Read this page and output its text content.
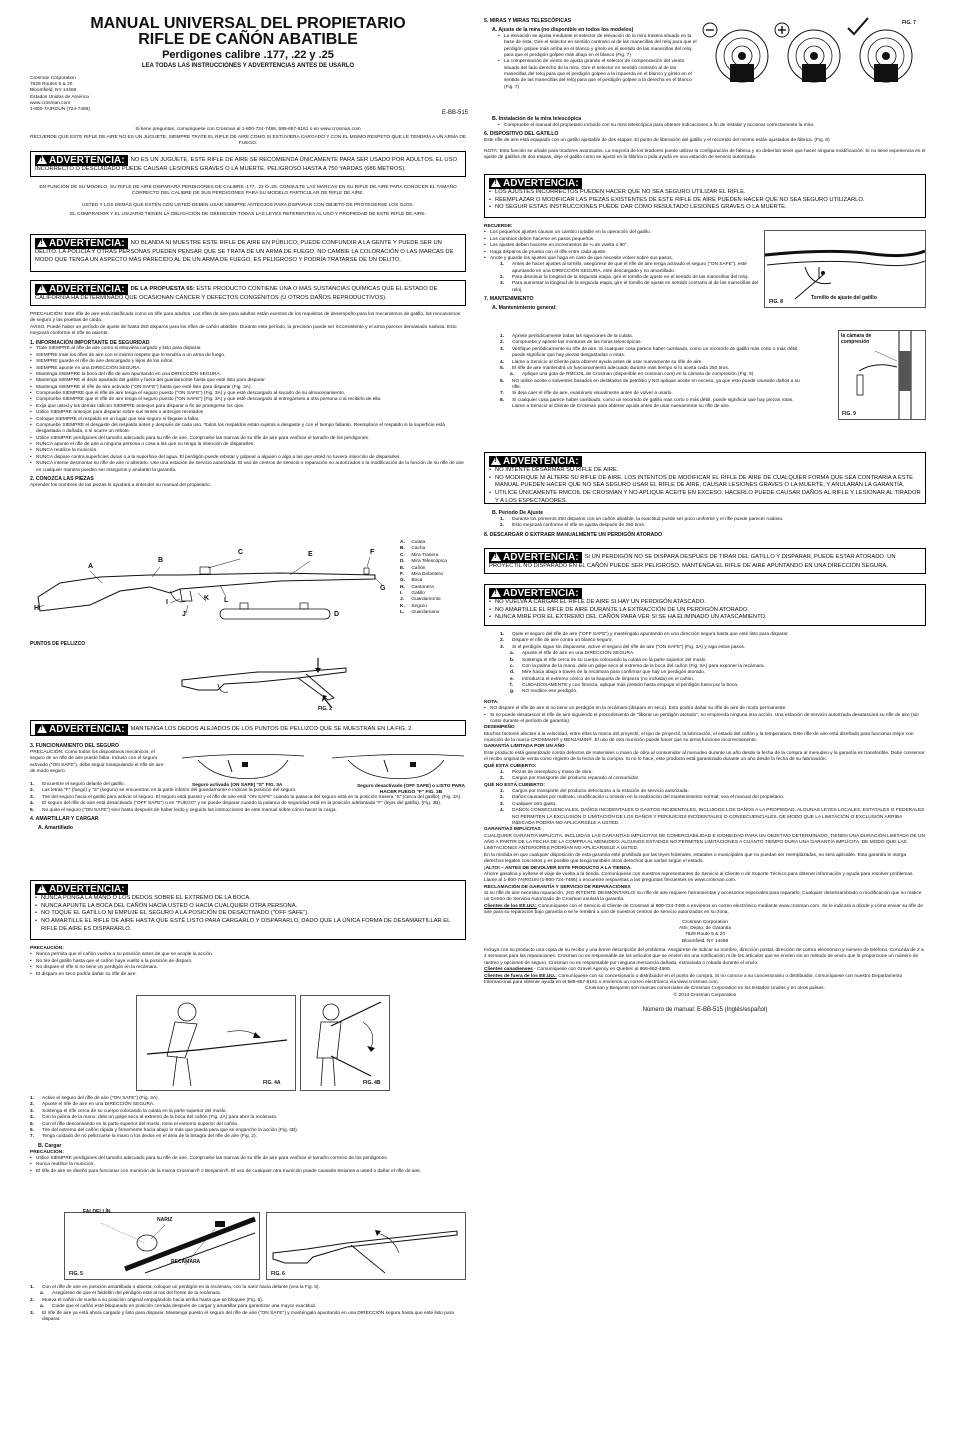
MANUAL UNIVERSAL DEL PROPIETARIO
RIFLE DE CAÑÓN ABATIBLE
Perdigones calibre .177, .22 y .25
LEA TODAS LAS INSTRUCCIONES Y ADVERTENCIAS ANTES DE USARLO
Crosman Corporation
7629 Routes 5 & 20
Bloomfield, NY 14469
Estados Unidos de América
www.crosman.com
1-800-7AIRGUN (724-7486)
E-BB-515
Si tiene preguntas, comuníquese con Crosman al 1-800-724-7486, 585-657-6161 o en www.crosman.com
RECUERDE QUE ESTE RIFLE DE AIRE NO ES UN JUGUETE. SIEMPRE TRATE EL RIFLE DE AIRE COMO SI ESTUVIERA CARGADO Y CON EL MISMO RESPETO QUE LE TENDRÍA A UN ARMA DE FUEGO.
!ADVERTENCIA: NO ES UN JUGUETE. ESTE RIFLE DE AIRE SE RECOMIENDA ÚNICAMENTE PARA SER USADO POR ADULTOS. EL USO INCORRECTO O DESCUIDADO PUEDE CAUSAR LESIONES GRAVES O LA MUERTE. PELIGROSO HASTA A 750 YARDAS (686 METROS).
EN FUNCIÓN DE SU MODELO, SU RIFLE DE AIRE DISPARARÁ PERDIGONES DE CALIBRE .177, .22 O .25. CONSULTE LAS MARCAS EN SU RIFLE DE AIRE PARA CONOCER EL TAMAÑO CORRECTO DEL CALIBRE DE SUS PERDIGONES PARA SU MODELO PARTICULAR DE RIFLE DE AIRE.
USTED Y LOS DEMÁS QUE ESTÉN CON USTED DEBEN USAR SIEMPRE ANTEOJOS PARA DISPARAR CON OBJETO DE PROTEGERSE LOS OJOS.
EL COMPRADOR Y EL USUARIO TIENEN LA OBLIGACIÓN DE OBEDECER TODAS LAS LEYES REFERENTES AL USO Y PROPIEDAD DE ESTE RIFLE DE AIRE.
!ADVERTENCIA: NO BLANDA NI MUESTRE ESTE RIFLE DE AIRE EN PÚBLICO; PUEDE CONFUNDIR A LA GENTE Y PUEDE SER UN DELITO. LA POLICÍA Y OTRAS PERSONAS PUEDEN PENSAR QUE SE TRATA DE UN ARMA DE FUEGO. NO CAMBIE LA COLORACIÓN O LAS MARCAS DE MODO QUE TENGA UN ASPECTO MÁS PARECIDO AL DE UN ARMA DE FUEGO. ES PELIGROSO Y PODRÍA TRATARSE DE UN DELITO.
!ADVERTENCIA: DE LA PROPUESTA 65: ESTE PRODUCTO CONTIENE UNA O MÁS SUSTANCIAS QUÍMICAS QUE EL ESTADO DE CALIFORNIA HA DETERMINADO QUE OCASIONAN CÁNCER Y DEFECTOS CONGÉNITOS (U OTROS DAÑOS REPRODUCTIVOS).
PRECAUCIÓN: Este rifle de aire está clasificado como un rifle para adultos. Los rifles de aire para adultos están exentos de los requisitos de desempeño para los mecanismos de gatillo, los mecanismos de seguro y las pruebas de caída.
AVISO. Puede haber un período de ajuste de hasta 250 disparos para los rifles de cañón abatible. Durante este período, la precisión puede ser inconsistente y el arma parecer demasiado ruidosa. Esto mejorará conforme el rifle se asiente.
1. INFORMACIÓN IMPORTANTE DE SEGURIDAD
• Trate SIEMPRE al rifle de aire como si estuviera cargado y listo para disparar.
• SIEMPRE trate los rifles de aire con el mismo respeto que le tendría a un arma de fuego.
• SIEMPRE guarde el rifle de aire descargado y lejos de los niños.
• SIEMPRE apunte en una DIRECCIÓN SEGURA.
• Mantenga SIEMPRE la boca del rifle de aire apuntando en una DIRECCIÓN SEGURA.
• Mantenga SIEMPRE el dedo apartado del gatillo y fuera del guardamonte hasta que esté listo para disparar.
• Mantenga SIEMPRE el rifle de aire activado ("ON SAFE") hasta que esté listo para disparar (Fig. 3A).
• Compruebe SIEMPRE que el rifle de aire tenga el seguro puesto ("ON SAFE") (Fig. 3A) y que esté descargado al sacarlo de su almacenamiento.
• Compruebe SIEMPRE que el rifle de aire tenga el seguro puesto ("ON SAFE") (Fig. 3A) y que esté descargado al entregárselo a otra persona o al recibirlo de ella.
• Exija que usted y los demás utilicen SIEMPRE anteojos para disparar a fin de protegerse los ojos.
• Utilice SIEMPRE anteojos para disparar sobre sus lentes o anteojos recetados
• Coloque SIEMPRE el respaldo en un lugar que sea seguro si llegase a fallar.
• Compruebe SIEMPRE el desgaste del respaldo antes y después de cada uso. Todos los respaldos están sujetos a desgaste y con el tiempo fallarán. Reemplace el respaldo si la superficie está desgastada o dañada, o si ocurre un rebote.
• Utilice SIEMPRE perdigones del tamaño adecuado para su rifle de aire. Compruebe las marcas de su rifle de aire para verificar el tamaño de los perdigones.
• NUNCA apunte el rifle de aire a ninguna persona o cosa a las que no tenga la intención de dispararles.
• NUNCA reutilice la munición.
• NUNCA dispare contra superficies duras o a la superficie del agua. El perdigón puede rebotar y golpear a alguien o algo a las que usted no tuviera intención de dispararles.
• NUNCA intente desmontar su rifle de aire ni alterarlo. Use una estación de servicio autorizada. El uso de centros de servicio o reparación no autorizados o la modificación de la función de su rifle de aire en cualquier manera pueden ser inseguros y anularán la garantía.
2. CONOZCA LAS PIEZAS
Aprender los nombres de las piezas le ayudará a entender su manual del propietario.
A
B
C
D
E	F
G
H
I
J
K L
A. Culata
B. Cacha
C. Mira Trasera
D. Mira Telescópica
E. Cañón
F. Mira Delantera
G. Boca
H. Cantonera
I. Gatillo
J. Guardamonte
K. Seguro
L. Guardamano
PUNTOS DE PELLIZCO
FIG. 2
!ADVERTENCIA: MANTENGA LOS DEDOS ALEJADOS DE LOS PUNTOS DE PELLIZCO QUE SE MUESTRAN EN LA FIG. 2.
3. FUNCIONAMIENTO DEL SEGURO
PRECAUCIÓN: Como todos los dispositivos mecánicos, el seguro de un rifle de aire puede fallar. Incluso con el seguro activado ("ON SAFE"), debe seguir manipulando el rifle de aire de modo seguro.
Seguro activado (ON SAFE) "S" FIG. 3A	Seguro desactivado (OFF SAFE) o LISTO PARA HACER FUEGO "F" FIG. 3B
1. Encuentre el seguro delante del gatillo.
2. Las letras "F" (fuego) y "S" (seguro) se encuentran en la parte inferior del guardamonte e indican la posición del seguro.
3. Tire del seguro hacia el gatillo para activar el seguro. El seguro está puesto y el rifle de aire está "ON SAFE" cuando la palanca del seguro está en la posición trasera "S" (cerca del gatillo), (Fig. 3A).
4. El seguro del rifle de aire está desactivado ("OFF SAFE") o en "FUEGO" y se puede disparar cuando la palanca de seguridad está en la posición adelantada "F" (lejos del gatillo), (Fig. 3B).
5. No quite el seguro ("ON SAFE") sino hasta después de haber leído y seguido las instrucciones de este manual sobre cómo hacer la carga.
4. AMARTILLAR Y CARGAR
A. Amartillado
!ADVERTENCIA:
• NUNCA PONGA LA MANO O LOS DEDOS SOBRE EL EXTREMO DE LA BOCA.
• NUNCA APUNTE LA BOCA DEL CAÑÓN HACIA USTED O HACIA CUALQUIER OTRA PERSONA.
• NO TOQUE EL GATILLO NI EMPUJE EL SEGURO A LA POSICIÓN DE DESACTIVADO ("OFF SAFE").
• NO AMARTILLE EL RIFLE DE AIRE HASTA QUE ESTÉ LISTO PARA CARGARLO Y DISPARARLO, DADO QUE LA ÚNICA FORMA DE DESAMARTILLAR EL RIFLE DE AIRE ES DISPARARLO.
PRECAUCIÓN:
• Nunca permita que el cañón vuelva a su posición antes de que se acople la acción.
• No tire del gatillo hasta que el cañón haya vuelto a la posición de disparo.
• No dispare el rifle si no tiene un perdigón en la recámara.
• El disparo en seco podría dañar su rifle de aire.
FIG. 4A	FIG. 4B
1. Active el seguro del rifle de aire ("ON SAFE") (Fig. 3A).
2. Apunte el rifle de aire en una DIRECCIÓN SEGURA.
3. Sostenga el rifle cerca de su cuerpo colocando la culata en la parte superior del muslo.
4. Con la palma de la mano, dele un golpe seco al extremo de la boca del cañón (Fig. 4A) para abrir la recámara.
5. Con el rifle descansando en la parte superior del muslo, tome el extremo superior del cañón.
6. Tire del extremo del cañón rápida y firmemente hacia abajo lo más que pueda para que se enganche la acción (Fig. 4B).
7. Tenga cuidado de no pellizcarse la mano o los dedos en el área de la bisagra del rifle de aire (Fig. 2).
B. Cargar
PRECAUCIÓN:
• Utilice SIEMPRE perdigones del tamaño adecuado para su rifle de aire. Compruebe las marcas de su rifle de aire para verificar el tamaño correcto de los perdigones.
• Nunca reutilice la munición.
• El rifle de aire se diseñó para funcionar con munición de la marca Crosman® o Benjamin®. El uso de cualquier otra munición puede causarle lesiones a usted o dañar el rifle de aire.
FIG. 5
FALDELLÍN
NARIZ
RECÁMARA
FIG. 6
1. Con el rifle de aire en posición amartillada o abierta, coloque un perdigón en la recámara, con la nariz hacia delante (vea la Fig. 5).
a. Asegúrese de que el faldellín del perdigón esté al ras del frente de la recámara.
2. Mueva el cañón de vuelta a su posición original empujándolo hacia arriba hasta que se bloquee (Fig. 6).
a. Cuide que el cañón esté bloqueado en posición cerrada después de cargar y amartillar para garantizar una mayor exactitud.
3. El rifle de aire ya está ahora cargado y listo para disparar. Mantenga puesto el seguro del rifle de aire ("ON SAFE") y manténgalo apuntando en una DIRECCIÓN segura hasta que esté listo para disparar.
5. MIRAS Y MIRAS TELESCÓPICAS
A. Ajuste de la mira (no disponible en todos los modelos)
• La elevación se ajusta mediante el selector de elevación de la mira trasera situado en la base de ésta. Gire el selector en sentido contrario al de las manecillas del reloj para que el perdigón golpee más arriba en el blanco y gírelo en el sentido de las manecillas del reloj para que el perdigón golpee más abajo en el blanco (Fig. 7)
• La compensación de viento se ajusta girando el selector de compensación del viento situado del lado derecho de la mira. Gire el selector en sentido contrario al de las manecillas del reloj para que el perdigón golpee a la izquierda en el blanco y gírelo en el sentido de las manecillas del reloj para que el perdigón golpee a la derecha en el blanco (Fig. 7)
FIG. 7
B. Instalación de la mira telescópica
• Compruebe el manual del propietario incluido con su mira telescópica para obtener indicaciones a fin de instalar y accionar correctamente la mira.
6. DISPOSITIVO DEL GATILLO
Este rifle de aire está equipado con un gatillo ajustable de dos etapas. El punto de liberación del gatillo y el recorrido del mismo están ajustados de fábrica. (Fig. 8)
NOTA: Esta función se añade para tiradores avanzados. La mayoría de los tiradores puede utilizar la configuración de fábrica y no deberían tener que hacer ninguna modificación. Si no tiene experiencia en el ajuste de gatillos de dos etapas, deje el gatillo como se ajustó en la fábrica o pida ayuda en una estación de servicio autorizada.
!ADVERTENCIA:
• LOS AJUSTES INCORRECTOS PUEDEN HACER QUE NO SEA SEGURO UTILIZAR EL RIFLE.
• REEMPLAZAR O MODIFICAR LAS PIEZAS EXISTENTES DE ESTE RIFLE DE AIRE PUEDEN HACER QUE NO SEA SEGURO UTILIZARLO.
• NO SEGUIR ESTAS INSTRUCCIONES PUEDE DAR COMO RESULTADO LESIONES GRAVES O LA MUERTE.
RECUERDE:
• Los pequeños ajustes causan un cambio notable en la operación del gatillo.
• Los cambios deben hacerse en pasos pequeños.
• Los ajustes deben hacerse en incrementos de ¼ de vuelta o 90°.
• Haga disparos de prueba con el rifle entre cada ajuste.
• Anote y guarde los ajustes que haga en caso de que necesite volver sobre sus pasos.
1. Antes de hacer ajustes al tornillo, asegúrese de que el rifle de aire tenga activado el seguro ("ON SAFE"), esté apuntando en una DIRECCIÓN SEGURA, esté descargado y no amartillado.
2. Para disminuir la longitud de la segunda etapa, gire el tornillo de ajuste en el sentido de las manecillas del reloj.
3. Para aumentar la longitud de la segunda etapa, gire el tornillo de ajuste en sentido contrario al de las manecillas del reloj.
7. MANTENIMIENTO
A. Mantenimiento general:
FIG. 8
Tornillo de ajuste del gatillo
1. Apriete periódicamente todas las sujeciones de la culata.
2. Compruebe y apriete las monturas de las miras telescópicas.
3. Verifique periódicamente su rifle de aire. Si cualquier cosa parece haber cambiado, como un recorrido de gatillo más corto o más débil, puede significar que hay piezas desgastadas o rotas.
4. Llame a Servicio al Cliente para obtener ayuda antes de usar nuevamente su rifle de aire.
5. El rifle de aire mantendrá un funcionamiento adecuado durante más tiempo si lo aceita cada 250 tiros.
a. Aplique una gota de RMCOIL de Crosman (disponible en crosman.com) en la cámara de compresión (Fig. 9).
6. NO utilice aceite o solventes basados en destilados de petróleo y NO aplique aceite en exceso, ya que esto puede causarle daños a su rifle.
7. Si deja caer el rifle de aire, examínelo visualmente antes de volver a usarlo.
8. Si cualquier cosa parece haber cambiado, como un recorrido de gatillo más corto o más débil, puede significar que hay piezas rotas. Llame a Servicio al Cliente de Crosman para obtener ayuda antes de usar nuevamente su rifle de aire.
la cámara de compresión
FIG. 9
!ADVERTENCIA:
• NO INTENTE DESARMAR SU RIFLE DE AIRE.
• NO MODIFIQUE NI ALTERE SU RIFLE DE AIRE. LOS INTENTOS DE MODIFICAR EL RIFLE DE AIRE DE CUALQUIER FORMA QUE SEA CONTRARIA A ESTE MANUAL PUEDEN HACER QUE NO SEA SEGURO USAR EL RIFLE DE AIRE, CAUSAR LESIONES GRAVES O LA MUERTE, Y ANULARÁN LA GARANTÍA.
• UTILICE ÚNICAMENTE RMCOIL DE CROSMAN Y NO APLIQUE ACEITE EN EXCESO. HACERLO PUEDE CAUSAR DAÑOS AL RIFLE Y LESIONAR AL TIRADOR Y A LOS ESPECTADORES.
B. Período De Ajuste
1. Durante los primeros 250 disparos con un cañón abatible, la exactitud puede ser poco uniforme y el rifle puede parecer ruidoso.
2. Esto mejorará conforme el rifle se ajusta después de 250 tiros.
8. DESCARGAR O EXTRAER MANUALMENTE UN PERDIGÓN ATORADO
!ADVERTENCIA: SI UN PERDIGÓN NO SE DISPARA DESPUÉS DE TIRAR DEL GATILLO Y DISPARAR, PUEDE ESTAR ATORADO. UN PROYECTIL NO DISPARADO EN EL CAÑÓN PUEDE SER PELIGROSO. MANTENGA EL RIFLE DE AIRE APUNTANDO EN UNA DIRECCIÓN SEGURA.
!ADVERTENCIA:
• NO VUELVA A CARGAR EL RIFLE DE AIRE SI HAY UN PERDIGÓN ATASCADO.
• NO AMARTILLE EL RIFLE DE AIRE DURANTE LA EXTRACCIÓN DE UN PERDIGÓN ATORADO.
• NUNCA MIRE POR EL EXTREMO DEL CAÑÓN PARA VER SI SE HA ELIMINADO UN ATASCAMIENTO.
1. Quite el seguro del rifle de aire ("OFF SAFE") y manténgalo apuntando en una dirección segura hasta que esté listo para disparar.
2. Dispare el rifle de aire contra un blanco seguro.
3. Si el perdigón sigue sin dispararse, active el seguro del rifle de aire ("ON SAFE") (Fig. 3A) y siga estos pasos.
a. Apunte el rifle de aire en una DIRECCIÓN SEGURA.
b. Sostenga el rifle cerca de su cuerpo colocando la culata en la parte superior del muslo.
c. Con la palma de la mano, dele un golpe seco al extremo de la boca del cañón (Fig. 5A) para exponer la recámara.
d. Mire hacia abajo a través de la recámara para confirmar que hay un perdigón atorado.
e. Introduzca el extremo cónico de la baqueta de limpieza (no incluida) en el cañón.
f. CUIDADOSAMENTE y con firmeza, aplique más presión hasta empujar el perdigón fuera por la boca.
g. NO reutilice ese perdigón.
NOTA:
• NO dispare el rifle de aire si no tiene un perdigón en la recámara (disparo en seco). Esto podría dañar su rifle de aire de modo permanente.
• Si no puede desatascar el rifle de aire siguiendo el procedimiento de "liberar un perdigón atorado", no emprenda ninguna otra acción. Una estación de servicio autorizada desatascará su rifle de aire (sin costo durante el período de garantía).
DESEMPEÑO
Muchos factores afectan a la velocidad, entre ellos la marca del proyectil, el tipo de proyectil, la lubricación, el estado del cañón y la temperatura. Este rifle de aire está diseñado para funcionar mejor con munición de la marca CROSMAN® y BENJAMIN®. El uso de otra munición puede hacer que su arma funcione incorrectamente.
GARANTÍA LIMITADA POR UN AÑO
Este producto está garantizado contra defectos de materiales o mano de obra al consumidor al menudeo durante un año desde la fecha de la compra al menudeo y la garantía es transferible. Debe conservar el recibo original de venta como registro de la fecha de la compra. Si no lo hace, este producto está garantizado durante un año desde la fecha de su fabricación.
QUÉ ESTÁ CUBIERTO:
1. Piezas de reemplazo y mano de obra.
2. Cargos por transporte del producto reparado al consumidor.
QUÉ NO ESTÁ CUBIERTO:
1. Cargos por transporte del producto defectuoso a la estación de servicio autorizada.
2. Daños causados por maltrato, modificación u omisión en la realización del mantenimiento normal; vea el manual del propietario.
3. Cualquier otro gasto.
4. DAÑOS CONSECUENCIALES, DAÑOS INCIDENTALES O GASTOS INCIDENTALES, INCLUIDOS LOS DAÑOS A LA PROPIEDAD. ALGUNAS LEYES LOCALES, ESTATALES O FEDERALES NO PERMITEN LA EXCLUSIÓN O LIMITACIÓN DE LOS DAÑOS Y PERJUICIOS INCIDENTALES O CONSECUENCIALES, DE MODO QUE LA LIMITACIÓN O EXCLUSIÓN ARRIBA INDICADA PODRÍA NO APLICÁRSELE A USTED.
GARANTÍAS IMPLÍCITAS
CUALQUIER GARANTÍA IMPLÍCITA, INCLUIDAS LAS GARANTÍAS IMPLÍCITAS DE COMERCIABILIDAD E IDONEIDAD PARA UN OBJETIVO DETERMINADO, TIENEN UNA DURACIÓN LIMITADA DE UN AÑO A PARTIR DE LA FECHA DE LA COMPRA AL MENUDEO. ALGUNOS ESTADOS NO PERMITEN LIMITACIONES A CUÁNTO TIEMPO DURA UNA GARANTÍA IMPLÍCITA, DE MODO QUE LAS LIMITACIONES ANTERIORES PODRÍAN NO APLICÁRSELE A USTED.
En la medida en que cualquier disposición de esta garantía esté prohibida por las leyes federales, estatales o municipales que no puedan ser reemplazadas, no será aplicable. Esta garantía le otorga derechos legales concretos y es posible que tenga también otros derechos que varían según el estado.
¡ALTO! – ANTES DE DEVOLVER ESTE PRODUCTO A LA TIENDA.
Ahorre gasolina y evítese el viaje de vuelta a la tienda. Comuníquese con nuestros representantes de Servicio al Cliente o de Soporte Técnico para obtener información y ayuda para resolver problemas. Llame al 1-800-7AIRGUN (1-800-724-7486) o encuentre respuestas a las preguntas frecuentes en www.crosman.com.
RECLAMACIÓN DE GARANTÍA Y SERVICIO DE REPARACIONES
Si su rifle de aire necesita reparación, ¡NO INTENTE DESMONTARLO! Su rifle de aire requiere herramientas y accesorios especiales para repararlo. Cualquier desensamblado o modificación que no realice un Centro de Servicio Autorizado de Crosman anulará la garantía.
Clientes de los EE.UU.: Comuníquese con el Servicio al Cliente de Crosman al 800-724-7486 o envíenos un correo electrónico mediante www.crosman.com. Se le indicará a dónde y cómo enviar su rifle de aire para su reparación bajo garantía o se le remitirá a uno de nuestros centros de servicio autorizados en su zona.
Crosman Corporation
Attn: Depto. de Garantía
7629 Route 5 & 20
Bloomfield, NY 14469
Incluya con su producto una copia de su recibo y una breve descripción del problema. Asegúrese de indicar su nombre, dirección postal, dirección de correo electrónico y número de teléfono. Concéda de 2 a 4 semanas para las reparaciones. Crosman no es responsable de los artículos que se envíen sin una notificación ni de los artículos que se envíen sin un método de envío que le proporcione un número de rastreo y opciones de seguro. Crosman no es responsable por ninguna mercancía dañada, extraviada o robada durante el envío.
Clientes canadienses - Comuníquese con Gravel Agency en Quebec al 866-662-4869.
Clientes de fuera de los EE.UU.: Comuníquese con su concesionario o distribuidor en el punto de compra. Si no conoce a su concesionario o distribuidor, comuníquese con nuestro Departamento Internacional para obtener ayuda en el 585-657-6161 o envíenos un correo electrónico vía www.crosman.com.
Crosman y Benjamin son marcas comerciales de Crosman Corporation en los Estados Unidos y en otros países.
© 2013 Crosman Corporation
Número de manual: E-BB-515 (Inglés/español)
